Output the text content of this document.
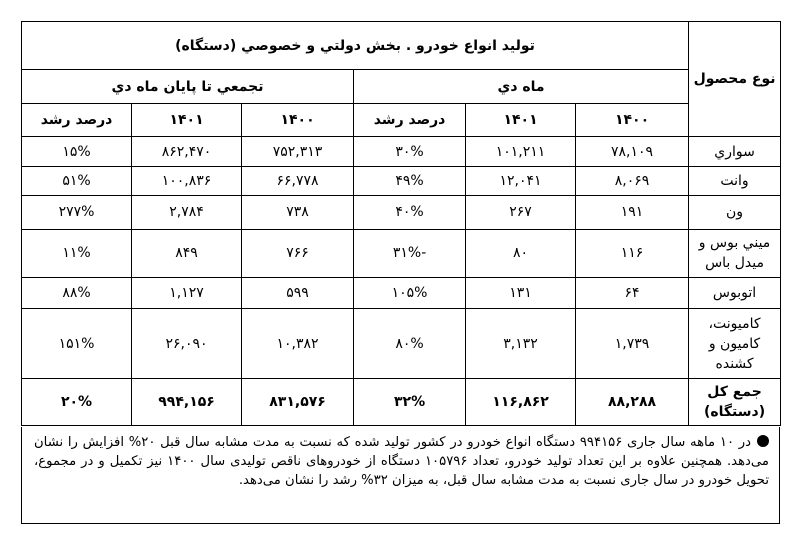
نوع محصول	توليد انواع خودرو . بخش دولتي و خصوصي (دستگاه)					
	ماه دي			تجمعي تا پايان ماه دي		
	۱۴۰۰	۱۴۰۱	درصد رشد	۱۴۰۰	۱۴۰۱	درصد رشد
سواري	۷۸,۱۰۹	۱۰۱,۲۱۱	۳۰%	۷۵۲,۳۱۳	۸۶۲,۴۷۰	۱۵%
وانت	۸,۰۶۹	۱۲,۰۴۱	۴۹%	۶۶,۷۷۸	۱۰۰,۸۳۶	۵۱%
ون	۱۹۱	۲۶۷	۴۰%	۷۳۸	۲,۷۸۴	۲۷۷%
ميني بوس و ميدل باس	۱۱۶	۸۰	-۳۱%	۷۶۶	۸۴۹	۱۱%
اتوبوس	۶۴	۱۳۱	۱۰۵%	۵۹۹	۱,۱۲۷	۸۸%
كاميونت، كاميون و كشنده	۱,۷۳۹	۳,۱۳۲	۸۰%	۱۰,۳۸۲	۲۶,۰۹۰	۱۵۱%
جمع كل (دستگاه)	۸۸,۲۸۸	۱۱۶,۸۶۲	۳۲%	۸۳۱,۵۷۶	۹۹۴,۱۵۶	۲۰%
در ۱۰ ماهه سال جاری ۹۹۴۱۵۶ دستگاه انواع خودرو در کشور تولید شده که نسبت به مدت مشابه سال قبل ۲۰% افزایش را نشان می‌دهد. همچنین علاوه بر این تعداد تولید خودرو، تعداد ۱۰۵۷۹۶ دستگاه از خودروهای ناقص تولیدی سال ۱۴۰۰ نیز تکمیل و در مجموع، تحویل خودرو در سال جاری نسبت به مدت مشابه سال قبل، به میزان ۳۲% رشد را نشان می‌دهد.
